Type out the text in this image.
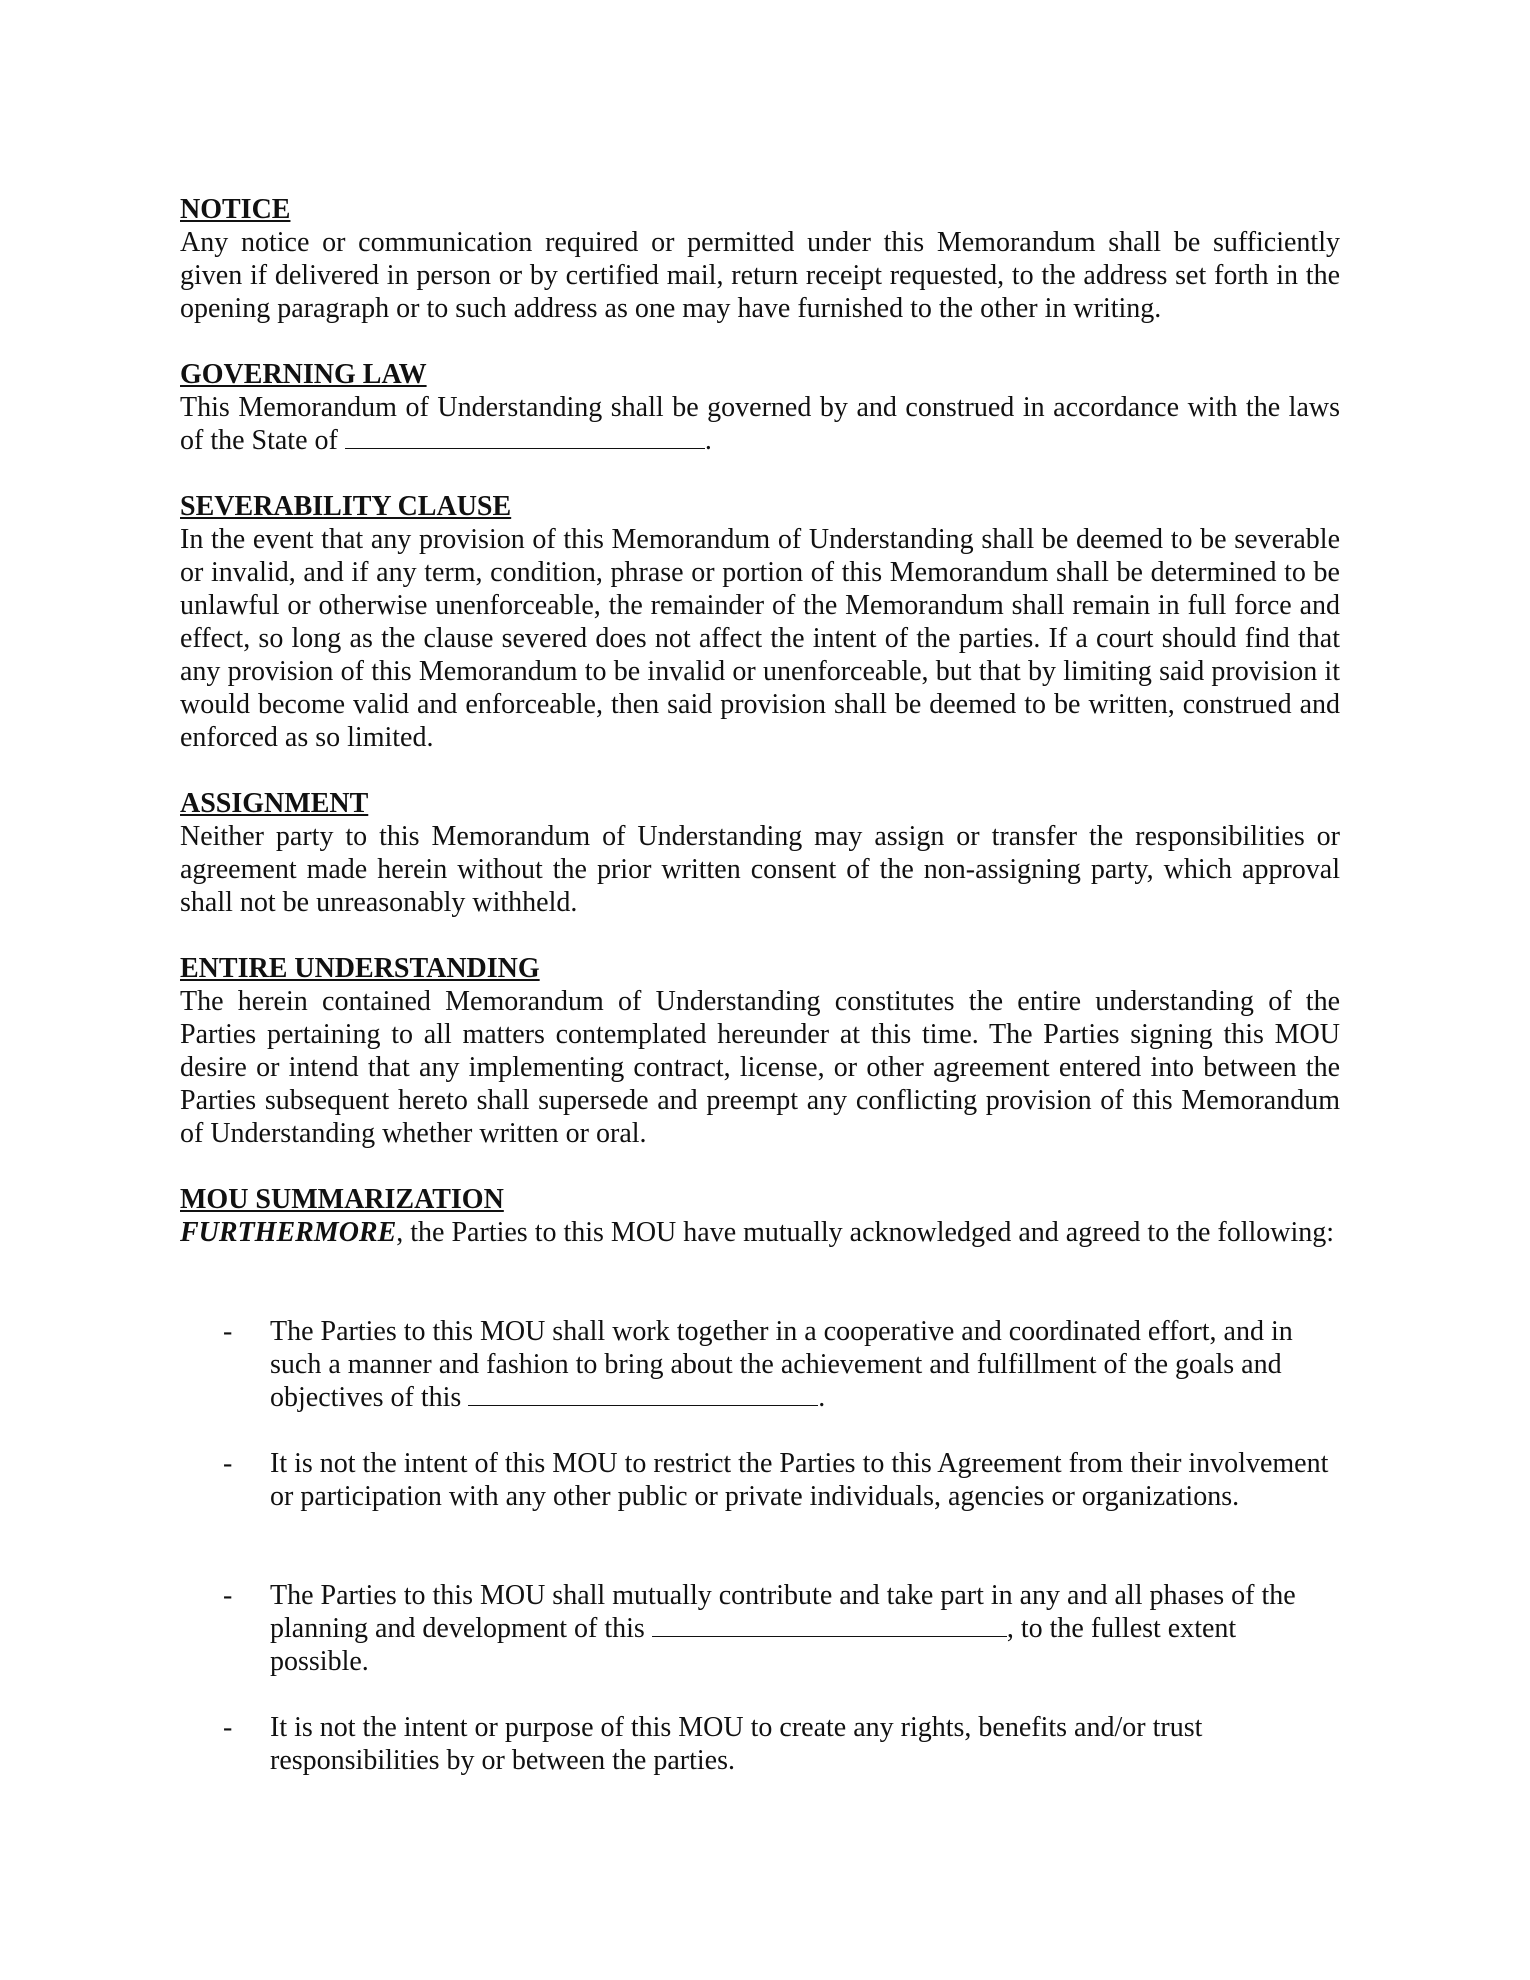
NOTICE
Any notice or communication required or permitted under this Memorandum shall be sufficiently given if delivered in person or by certified mail, return receipt requested, to the address set forth in the opening paragraph or to such address as one may have furnished to the other in writing.
GOVERNING LAW
This Memorandum of Understanding shall be governed by and construed in accordance with the laws of the State of	.
SEVERABILITY CLAUSE
In the event that any provision of this Memorandum of Understanding shall be deemed to be severable or invalid, and if any term, condition, phrase or portion of this Memorandum shall be determined to be unlawful or otherwise unenforceable, the remainder of the Memorandum shall remain in full force and effect, so long as the clause severed does not affect the intent of the parties. If a court should find that any provision of this Memorandum to be invalid or unenforceable, but that by limiting said provision it would become valid and enforceable, then said provision shall be deemed to be written, construed and enforced as so limited.
ASSIGNMENT
Neither party to this Memorandum of Understanding may assign or transfer the responsibilities or agreement made herein without the prior written consent of the non-assigning party, which approval shall not be unreasonably withheld.
ENTIRE UNDERSTANDING
The herein contained Memorandum of Understanding constitutes the entire understanding of the Parties pertaining to all matters contemplated hereunder at this time. The Parties signing this MOU desire or intend that any implementing contract, license, or other agreement entered into between the Parties subsequent hereto shall supersede and preempt any conflicting provision of this Memorandum of Understanding whether written or oral.
MOU SUMMARIZATION
FURTHERMORE, the Parties to this MOU have mutually acknowledged and agreed to the following:
- The Parties to this MOU shall work together in a cooperative and coordinated effort, and in such a manner and fashion to bring about the achievement and fulfillment of the goals and objectives of this	.
- It is not the intent of this MOU to restrict the Parties to this Agreement from their involvement or participation with any other public or private individuals, agencies or organizations.
- The Parties to this MOU shall mutually contribute and take part in any and all phases of the planning and development of this	, to the fullest extent possible.
- It is not the intent or purpose of this MOU to create any rights, benefits and/or trust responsibilities by or between the parties.
